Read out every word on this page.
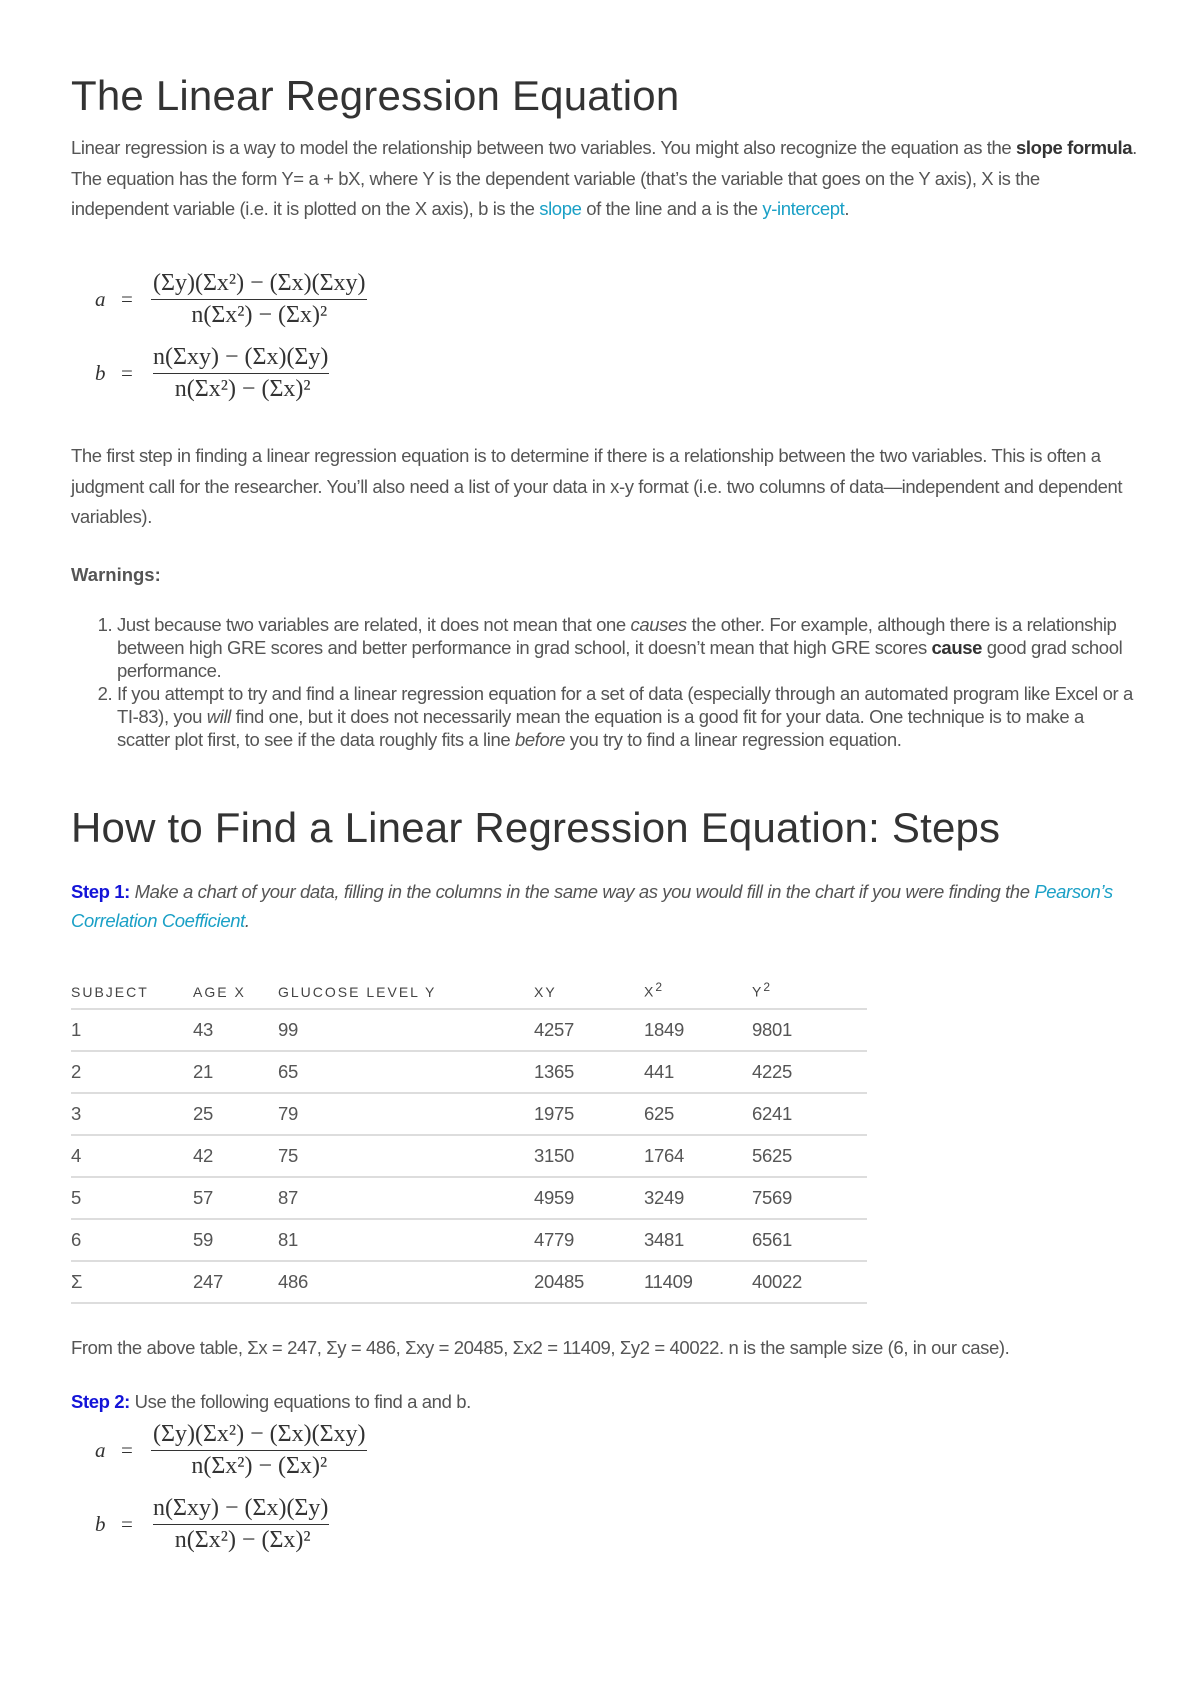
The Linear Regression Equation

Linear regression is a way to model the relationship between two variables. You might also recognize the equation as the slope formula. The equation has the form Y= a + bX, where Y is the dependent variable (that’s the variable that goes on the Y axis), X is the independent variable (i.e. it is plotted on the X axis), b is the slope of the line and a is the y-intercept.

$a = \frac{\text{(Σy)(Σx²) − (Σx)(Σxy)}}{\text{n(Σx²) − (Σx)²}}$
$b = \frac{\text{n(Σxy) − (Σx)(Σy)}}{\text{n(Σx²) − (Σx)²}}$

The first step in finding a linear regression equation is to determine if there is a relationship between the two variables. This is often a judgment call for the researcher. You’ll also need a list of your data in x-y format (i.e. two columns of data—independent and dependent variables).

Warnings:
1. Just because two variables are related, it does not mean that one causes the other. For example, although there is a relationship between high GRE scores and better performance in grad school, it doesn’t mean that high GRE scores cause good grad school performance.
2. If you attempt to try and find a linear regression equation for a set of data (especially through an automated program like Excel or a TI-83), you will find one, but it does not necessarily mean the equation is a good fit for your data. One technique is to make a scatter plot first, to see if the data roughly fits a line before you try to find a linear regression equation.
How to Find a Linear Regression Equation: Steps

Step 1: Make a chart of your data, filling in the columns in the same way as you would fill in the chart if you were finding the Pearson’s Correlation Coefficient.

SUBJECT	AGE X	GLUCOSE LEVEL Y	XY	$X^2$	$Y^2$
1	43	99	4257	1849	9801
2	21	65	1365	441	4225
3	25	79	1975	625	6241
4	42	75	3150	1764	5625
5	57	87	4959	3249	7569
6	59	81	4779	3481	6561
Σ	247	486	20485	11409	40022

From the above table, Σx = 247, Σy = 486, Σxy = 20485, Σx2 = 11409, Σy2 = 40022. n is the sample size (6, in our case).

Step 2: Use the following equations to find a and b.

$a = \frac{\text{(Σy)(Σx²) − (Σx)(Σxy)}}{\text{n(Σx²) − (Σx)²}}$
$b = \frac{\text{n(Σxy) − (Σx)(Σy)}}{\text{n(Σx²) − (Σx)²}}$
